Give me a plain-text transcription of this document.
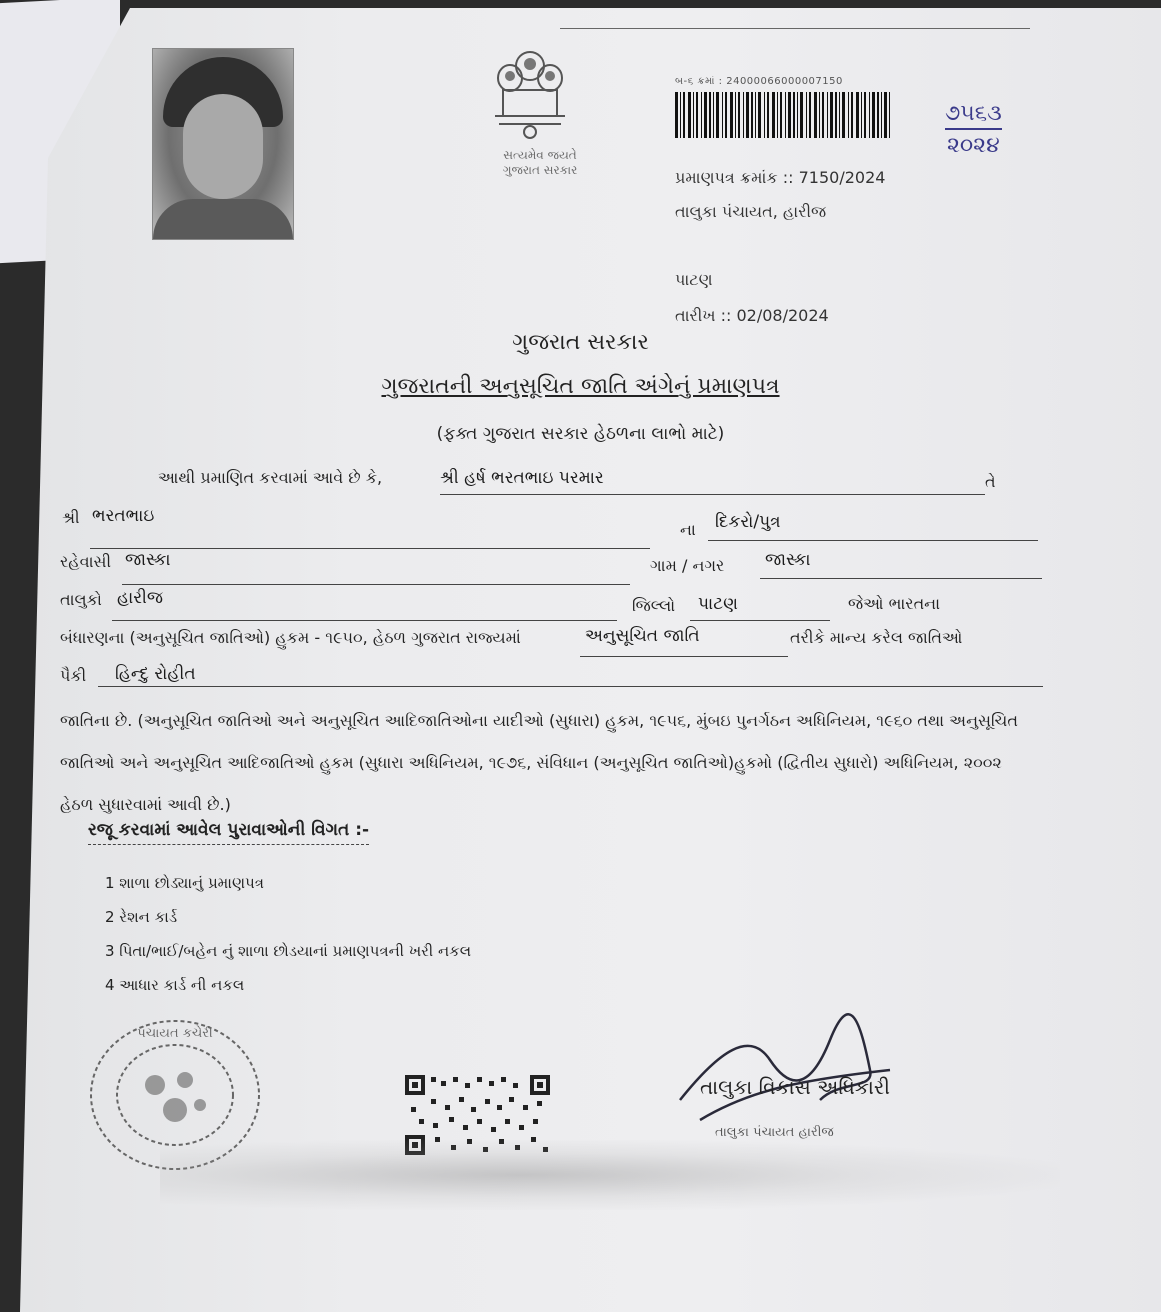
સત્યમેવ જયતે
ગુજરાત સરકાર
બ-૬ ક્રમાં : 24000066000007150
૭૫૬૩
૨૦૨૪
પ્રમાણપત્ર ક્રમાંક :: 7150/2024
તાલુકા પંચાયત, હારીજ
પાટણ
તારીખ :: 02/08/2024
ગુજરાત સરકાર
ગુજરાતની અનુસૂચિત જાતિ અંગેનું પ્રમાણપત્ર
(ફક્ત ગુજરાત સરકાર હેઠળના લાભો માટે)
આથી પ્રમાણિત કરવામાં આવે છે કે,	શ્રી હર્ષ ભરતભાઇ પરમાર	તે
શ્રી ભરતભાઇ
ના દિકરો/પુત્ર
રહેવાસી જાસ્કા	ગામ / નગર જાસ્કા
તાલુકો હારીજ	જિલ્લો પાટણ	જેઓ ભારતના
બંધારણના (અનુસૂચિત જાતિઓ) હુકમ - ૧૯૫૦, હેઠળ ગુજરાત રાજ્યમાં	અનુસૂચિત જાતિ	તરીકે માન્ય કરેલ જાતિઓ
પૈકી હિન્દુ રોહીત
જાતિના છે. (અનુસૂચિત જાતિઓ અને અનુસૂચિત આદિજાતિઓના યાદીઓ (સુધારા) હુકમ, ૧૯૫૬, મુંબઇ પુનર્ગઠન અધિનિયમ, ૧૯૬૦ તથા અનુસૂચિત જાતિઓ અને અનુસૂચિત આદિજાતિઓ હુકમ (સુધારા અધિનિયમ, ૧૯૭૬, સંવિધાન (અનુસૂચિત જાતિઓ)હુકમો (દ્વિતીય સુધારો) અધિનિયમ, ૨૦૦૨ હેઠળ સુધારવામાં આવી છે.)
રજૂ કરવામાં આવેલ પુરાવાઓની વિગત :-
1 શાળા છોડ્યાનું પ્રમાણપત્ર
2 રેશન કાર્ડ
3 પિતા/ભાઈ/બહેન નું શાળા છોડયાનાં પ્રમાણપત્રની ખરી નકલ
4 આધાર કાર્ડ ની નકલ
પંચાયત કચેરી
તાલુકા વિકાસ અધિકારી
તાલુકા પંચાયત હારીજ
